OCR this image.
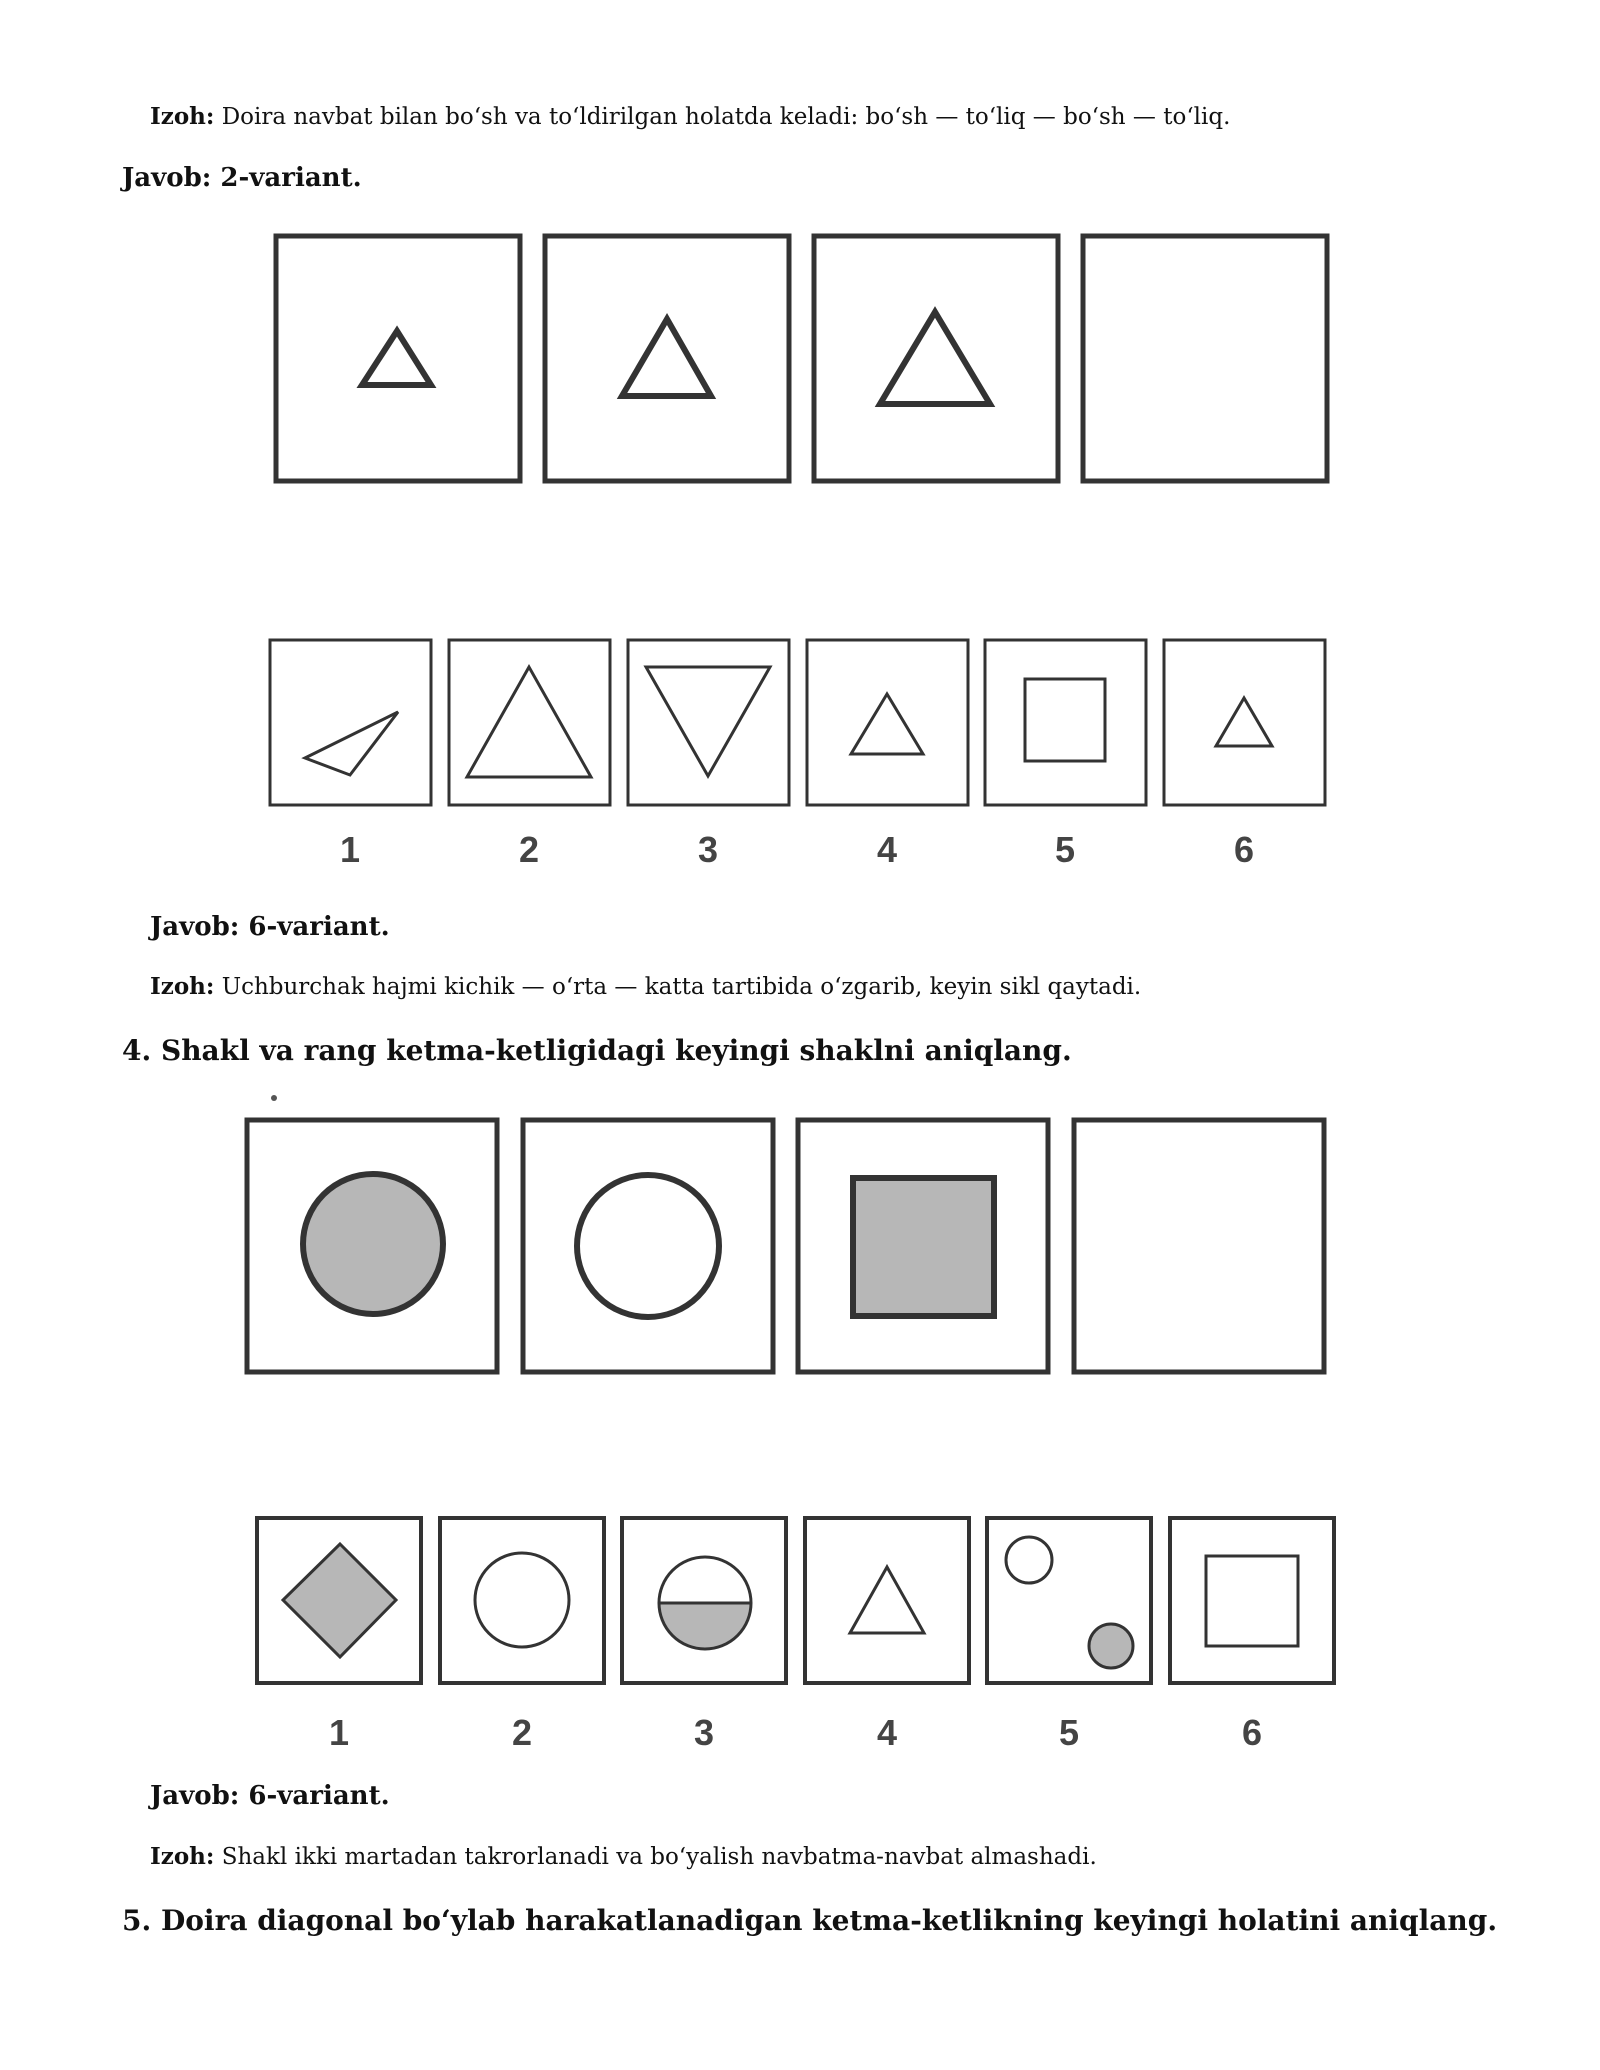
Izoh: Doira navbat bilan bo‘sh va to‘ldirilgan holatda keladi: bo‘sh — to‘liq — bo‘sh — to‘liq.
Javob: 2-variant.
1	2	3	4	5	6
Javob: 6-variant.
Izoh: Uchburchak hajmi kichik — o‘rta — katta tartibida o‘zgarib, keyin sikl qaytadi.
4. Shakl va rang ketma-ketligidagi keyingi shaklni aniqlang.
1	2	3	4	5	6
Javob: 6-variant.
Izoh: Shakl ikki martadan takrorlanadi va bo‘yalish navbatma-navbat almashadi.
5. Doira diagonal bo‘ylab harakatlanadigan ketma-ketlikning keyingi holatini aniqlang.
